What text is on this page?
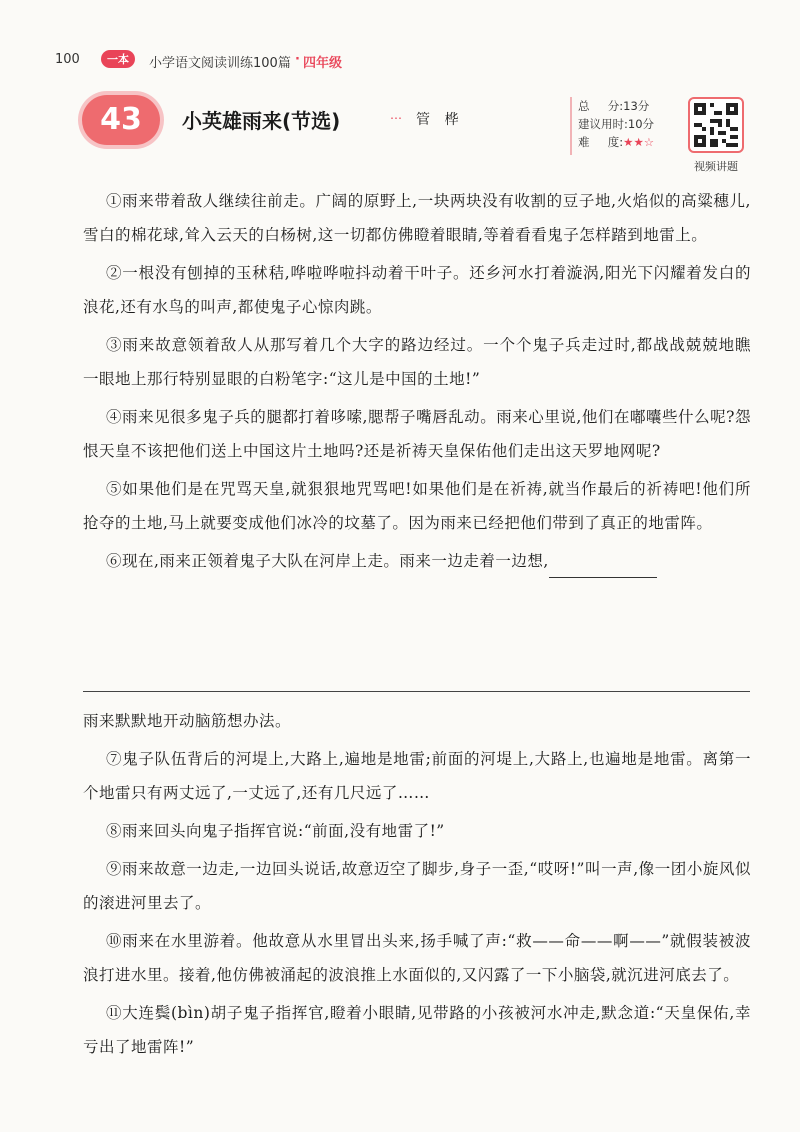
100	一本	小学语文阅读训练100篇 · 四年级
43	小英雄雨来(节选)	⋯ 管 桦
总 分:13分
建议用时:10分
难 度:★★☆
视频讲题

①雨来带着敌人继续往前走。广阔的原野上,一块两块没有收割的豆子地,火焰似的高粱穗儿,雪白的棉花球,耸入云天的白杨树,这一切都仿佛瞪着眼睛,等着看看鬼子怎样踏到地雷上。

②一根没有刨掉的玉秫秸,哗啦哗啦抖动着干叶子。还乡河水打着漩涡,阳光下闪耀着发白的浪花,还有水鸟的叫声,都使鬼子心惊肉跳。

③雨来故意领着敌人从那写着几个大字的路边经过。一个个鬼子兵走过时,都战战兢兢地瞧一眼地上那行特别显眼的白粉笔字:“这儿是中国的土地!”

④雨来见很多鬼子兵的腿都打着哆嗦,腮帮子嘴唇乱动。雨来心里说,他们在嘟囔些什么呢?怨恨天皇不该把他们送上中国这片土地吗?还是祈祷天皇保佑他们走出这天罗地网呢?

⑤如果他们是在咒骂天皇,就狠狠地咒骂吧!如果他们是在祈祷,就当作最后的祈祷吧!他们所抢夺的土地,马上就要变成他们冰冷的坟墓了。因为雨来已经把他们带到了真正的地雷阵。

⑥现在,雨来正领着鬼子大队在河岸上走。雨来一边走着一边想,

雨来默默地开动脑筋想办法。

⑦鬼子队伍背后的河堤上,大路上,遍地是地雷;前面的河堤上,大路上,也遍地是地雷。离第一个地雷只有两丈远了,一丈远了,还有几尺远了……

⑧雨来回头向鬼子指挥官说:“前面,没有地雷了!”

⑨雨来故意一边走,一边回头说话,故意迈空了脚步,身子一歪,“哎呀!”叫一声,像一团小旋风似的滚进河里去了。

⑩雨来在水里游着。他故意从水里冒出头来,扬手喊了声:“救——命——啊——”就假装被波浪打进水里。接着,他仿佛被涌起的波浪推上水面似的,又闪露了一下小脑袋,就沉进河底去了。

⑪大连鬓(bìn)胡子鬼子指挥官,瞪着小眼睛,见带路的小孩被河水冲走,默念道:“天皇保佑,幸亏出了地雷阵!”
